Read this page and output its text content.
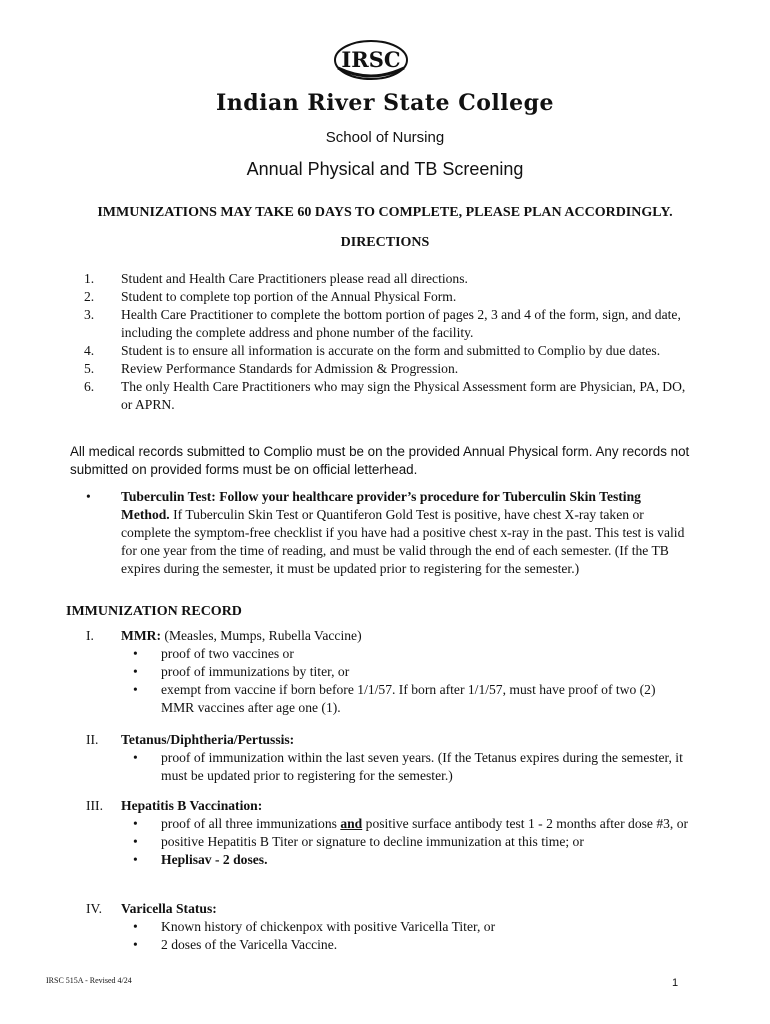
IRSC
Indian River State College
School of Nursing
Annual Physical and TB Screening
IMMUNIZATIONS MAY TAKE 60 DAYS TO COMPLETE, PLEASE PLAN ACCORDINGLY.
DIRECTIONS
1.	Student and Health Care Practitioners please read all directions.
2.	Student to complete top portion of the Annual Physical Form.
3.	Health Care Practitioner to complete the bottom portion of pages 2, 3 and 4 of the form, sign, and date, including the complete address and phone number of the facility.
4.	Student is to ensure all information is accurate on the form and submitted to Complio by due dates.
5.	Review Performance Standards for Admission & Progression.
6.	The only Health Care Practitioners who may sign the Physical Assessment form are Physician, PA, DO, or APRN.
All medical records submitted to Complio must be on the provided Annual Physical form. Any records not submitted on provided forms must be on official letterhead.
•	Tuberculin Test: Follow your healthcare provider’s procedure for Tuberculin Skin Testing Method. If Tuberculin Skin Test or Quantiferon Gold Test is positive, have chest X-ray taken or complete the symptom-free checklist if you have had a positive chest x-ray in the past. This test is valid for one year from the time of reading, and must be valid through the end of each semester. (If the TB expires during the semester, it must be updated prior to registering for the semester.)
IMMUNIZATION RECORD
I.	MMR: (Measles, Mumps, Rubella Vaccine)
•	proof of two vaccines or
•	proof of immunizations by titer, or
•	exempt from vaccine if born before 1/1/57. If born after 1/1/57, must have proof of two (2) MMR vaccines after age one (1).
II.	Tetanus/Diphtheria/Pertussis:
•	proof of immunization within the last seven years. (If the Tetanus expires during the semester, it must be updated prior to registering for the semester.)
III.	Hepatitis B Vaccination:
•	proof of all three immunizations and positive surface antibody test 1 - 2 months after dose #3, or
•	positive Hepatitis B Titer or signature to decline immunization at this time; or
•	Heplisav - 2 doses.
IV.	Varicella Status:
•	Known history of chickenpox with positive Varicella Titer, or
•	2 doses of the Varicella Vaccine.
IRSC 515A - Revised 4/24	1
